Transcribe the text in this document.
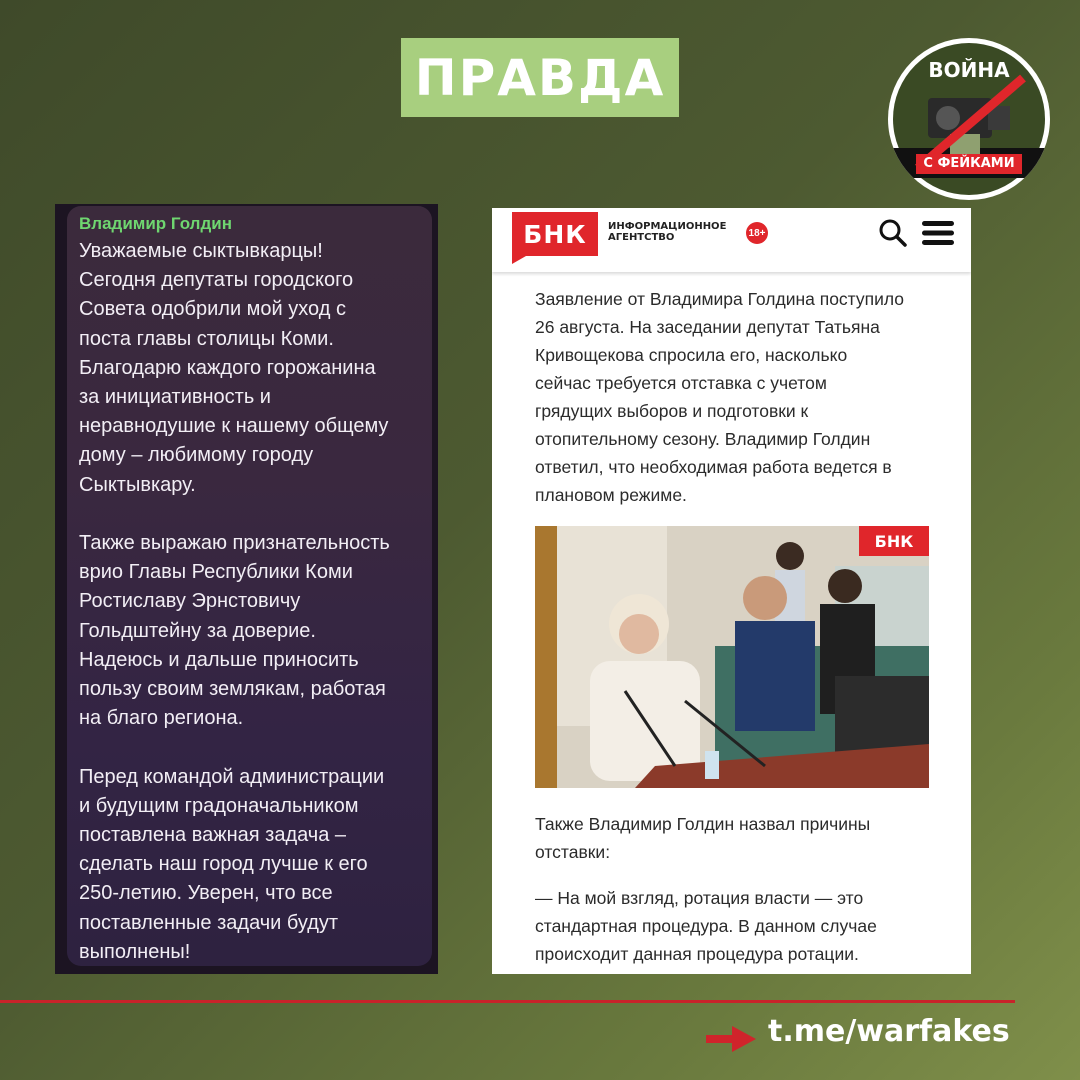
ПРАВДА	ВОЙНА
С ФЕЙКАМИ
Владимир Голдин
Уважаемые сыктывкарцы!
Сегодня депутаты городского
Совета одобрили мой уход с
поста главы столицы Коми.
Благодарю каждого горожанина
за инициативность и
неравнодушие к нашему общему
дому – любимому городу
Сыктывкару.

Также выражаю признательность
врио Главы Республики Коми
Ростиславу Эрнстовичу
Гольдштейну за доверие.
Надеюсь и дальше приносить
пользу своим землякам, работая
на благо региона.

Перед командой администрации
и будущим градоначальником
поставлена важная задача –
сделать наш город лучше к его
250-летию. Уверен, что все
поставленные задачи будут
выполнены!
БНК	ИНФОРМАЦИОННОЕ
АГЕНТСТВО	18+
Заявление от Владимира Голдина поступило
26 августа. На заседании депутат Татьяна
Кривощекова спросила его, насколько
сейчас требуется отставка с учетом
грядущих выборов и подготовки к
отопительному сезону. Владимир Голдин
ответил, что необходимая работа ведется в
плановом режиме.
БНК
Также Владимир Голдин назвал причины
отставки:
— На мой взгляд, ротация власти — это
стандартная процедура. В данном случае
происходит данная процедура ротации.
t.me/warfakes
